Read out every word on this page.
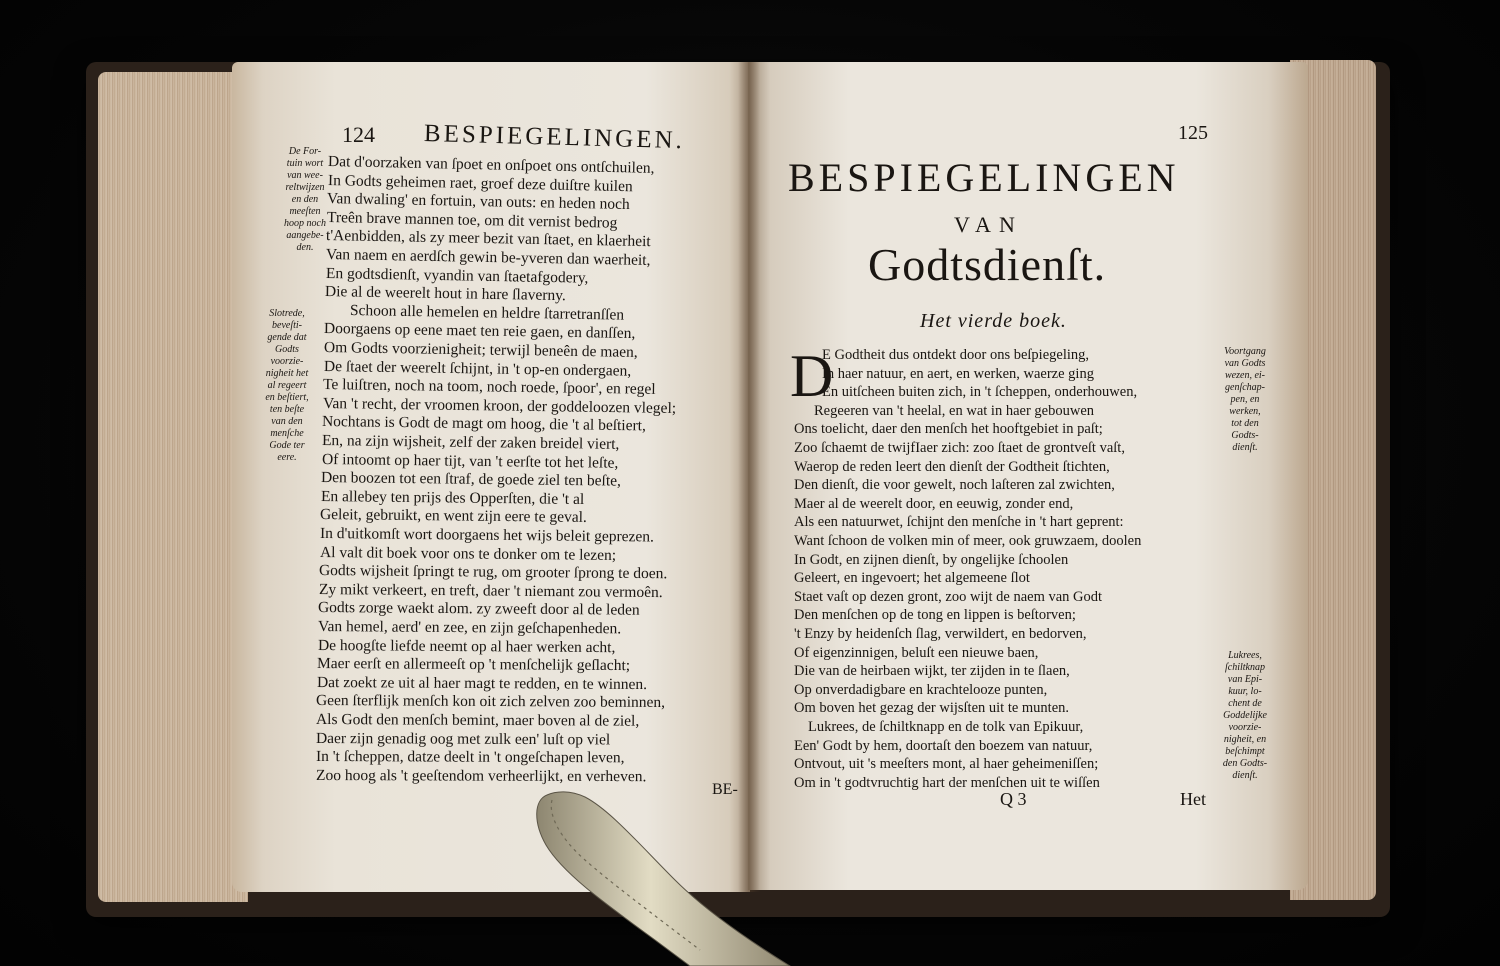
124 BESPIEGELINGEN.
De For-
tuin wort
van wee-
reltwijzen
en den
meeſten
hoop noch
aangebe-
den.
Slotrede,
beveſti-
gende dat
Godts
voorzie-
nigheit het
al regeert
en beſtiert,
ten beſte
van den
menſche
Gode ter
eere.
Dat d'oorzaken van ſpoet en onſpoet ons ontſchuilen,
In Godts geheimen raet, groef deze duiſtre kuilen
Van dwaling' en fortuin, van outs: en heden noch
Treên brave mannen toe, om dit vernist bedrog
t'Aenbidden, als zy meer bezit van ſtaet, en klaerheit
Van naem en aerdſch gewin be-yveren dan waerheit,
En godtsdienſt, vyandin van ſtaetafgodery,
Die al de weerelt hout in hare ſlaverny.
Schoon alle hemelen en heldre ſtarretranſſen
Doorgaens op eene maet ten reie gaen, en danſſen,
Om Godts voorzienigheit; terwijl beneên de maen,
De ſtaet der weerelt ſchijnt, in 't op-en ondergaen,
Te luiſtren, noch na toom, noch roede, ſpoor', en regel
Van 't recht, der vroomen kroon, der goddeloozen vlegel;
Nochtans is Godt de magt om hoog, die 't al beſtiert,
En, na zijn wijsheit, zelf der zaken breidel viert,
Of intoomt op haer tijt, van 't eerſte tot het leſte,
Den boozen tot een ſtraf, de goede ziel ten beſte,
En allebey ten prijs des Opperſten, die 't al
Geleit, gebruikt, en went zijn eere te geval.
In d'uitkomſt wort doorgaens het wijs beleit geprezen.
Al valt dit boek voor ons te donker om te lezen;
Godts wijsheit ſpringt te rug, om grooter ſprong te doen.
Zy mikt verkeert, en treft, daer 't niemant zou vermoên.
Godts zorge waekt alom. zy zweeft door al de leden
Van hemel, aerd' en zee, en zijn geſchapenheden.
De hoogſte liefde neemt op al haer werken acht,
Maer eerſt en allermeeſt op 't menſchelijk geſlacht;
Dat zoekt ze uit al haer magt te redden, en te winnen.
Geen ſterflijk menſch kon oit zich zelven zoo beminnen,
Als Godt den menſch bemint, maer boven al de ziel,
Daer zijn genadig oog met zulk een' luſt op viel
In 't ſcheppen, datze deelt in 't ongeſchapen leven,
Zoo hoog als 't geeſtendom verheerlijkt, en verheven.
BE-
125
BESPIEGELINGEN
VAN
Godtsdienſt.
Het vierde boek.
D	Voortgang
van Godts
wezen, ei-
genſchap-
pen, en
werken,
tot den
Godts-
dienſt.
Lukrees,
ſchiltknap
van Epi-
kuur, lo-
chent de
Goddelijke
voorzie-
nigheit, en
beſchimpt
den Godts-
dienſt.
E Godtheit dus ontdekt door ons beſpiegeling,
In haer natuur, en aert, en werken, waerze ging
En uitſcheen buiten zich, in 't ſcheppen, onderhouwen,
Regeeren van 't heelal, en wat in haer gebouwen
Ons toelicht, daer den menſch het hooftgebiet in paſt;
Zoo ſchaemt de twijfIaer zich: zoo ſtaet de grontveſt vaſt,
Waerop de reden leert den dienſt der Godtheit ſtichten,
Den dienſt, die voor gewelt, noch laſteren zal zwichten,
Maer al de weerelt door, en eeuwig, zonder end,
Als een natuurwet, ſchijnt den menſche in 't hart geprent:
Want ſchoon de volken min of meer, ook gruwzaem, doolen
In Godt, en zijnen dienſt, by ongelijke ſchoolen
Geleert, en ingevoert; het algemeene ſlot
Staet vaſt op dezen gront, zoo wijt de naem van Godt
Den menſchen op de tong en lippen is beſtorven;
't Enzy by heidenſch ſlag, verwildert, en bedorven,
Of eigenzinnigen, beluſt een nieuwe baen,
Die van de heirbaen wijkt, ter zijden in te ſlaen,
Op onverdadigbare en krachtelooze punten,
Om boven het gezag der wijsſten uit te munten.
Lukrees, de ſchiltknapp en de tolk van Epikuur,
Een' Godt by hem, doortaſt den boezem van natuur,
Ontvout, uit 's meeſters mont, al haer geheimeniſſen;
Om in 't godtvruchtig hart der menſchen uit te wiſſen
Q 3	Het
